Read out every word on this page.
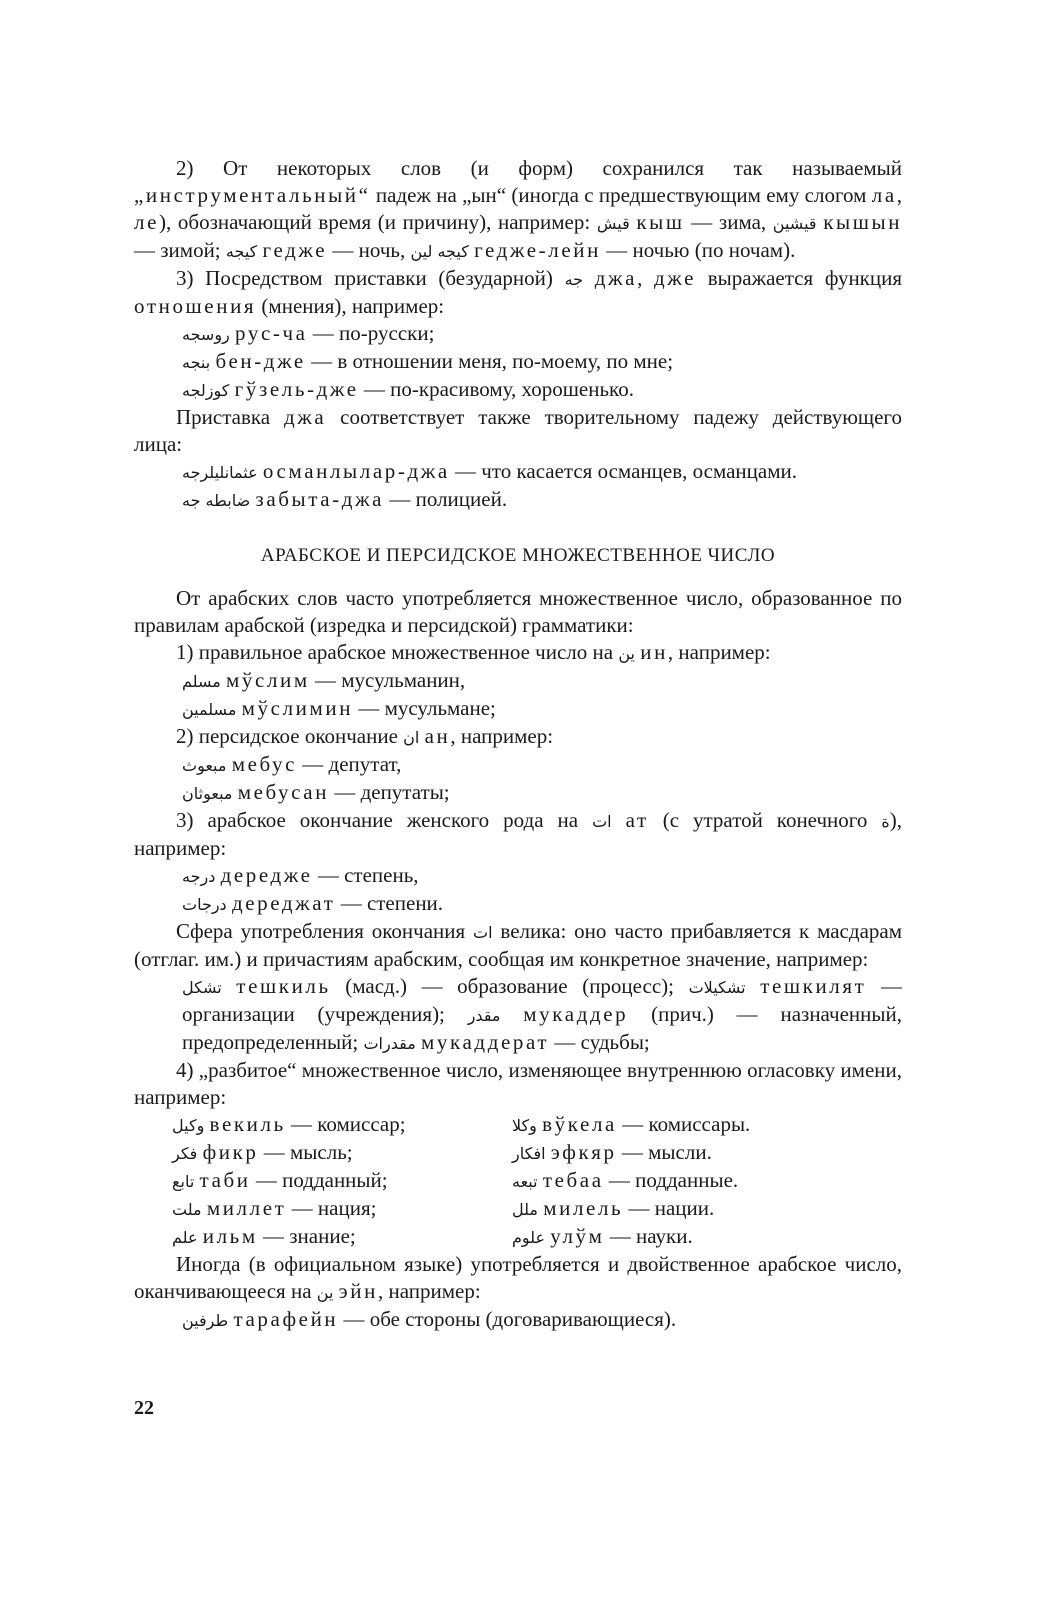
2) От некоторых слов (и форм) сохранился так называемый „инструментальный“ падеж на „ын“ (иногда с предшествующим ему слогом ла, ле), обозначающий время (и причину), например: قيش кыш — зима, قيشين кышын — зимой; كيجه гедже — ночь, كيجه لين гедже-лейн — ночью (по ночам).

3) Посредством приставки (безударной) جه джа, дже выражается функция отношения (мнения), например:

روسجه рус-ча — по-русски;

بنجه бен-дже — в отношении меня, по-моему, по мне;

كوزلجه гўзель-дже — по-красивому, хорошенько.

Приставка джа соответствует также творительному падежу действующего лица:

عثمانليلرجه османлылар-джа — что касается османцев, османцами.

ضابطه جه забыта-джа — полицией.

АРАБСКОЕ И ПЕРСИДСКОЕ МНОЖЕСТВЕННОЕ ЧИСЛО

От арабских слов часто употребляется множественное число, образованное по правилам арабской (изредка и персидской) грамматики:

1) правильное арабское множественное число на ين ин, например:

مسلم мўслим — мусульманин,

مسلمين мўслимин — мусульмане;

2) персидское окончание ان ан, например:

مبعوث мебус — депутат,

مبعوثان мебусан — депутаты;

3) арабское окончание женского рода на ات ат (с утратой конечного ة), например:

درجه дередже — степень,

درجات дереджат — степени.

Сфера употребления окончания ات велика: оно часто прибавляется к масдарам (отглаг. им.) и причастиям арабским, сообщая им конкретное значение, например:

تشكل тешкиль (масд.) — образование (процесс); تشكيلات тешкилят — организации (учреждения); مقدر мукаддер (прич.) — назначенный, предопределенный; مقدرات мукаддерат — судьбы;

4) „разбитое“ множественное число, изменяющее внутреннюю огласовку имени, например:

وكيل векиль — комиссар;	وكلا вўкела — комиссары.
فكر фикр — мысль;	افكار эфкяр — мысли.
تابع таби — подданный;	تبعه тебаа — подданные.
ملت миллет — нация;	ملل милель — нации.
علم ильм — знание;	علوم улўм — науки.

Иногда (в официальном языке) употребляется и двойственное арабское число, оканчивающееся на ين эйн, например:

طرفين тарафейн — обе стороны (договаривающиеся).

22
